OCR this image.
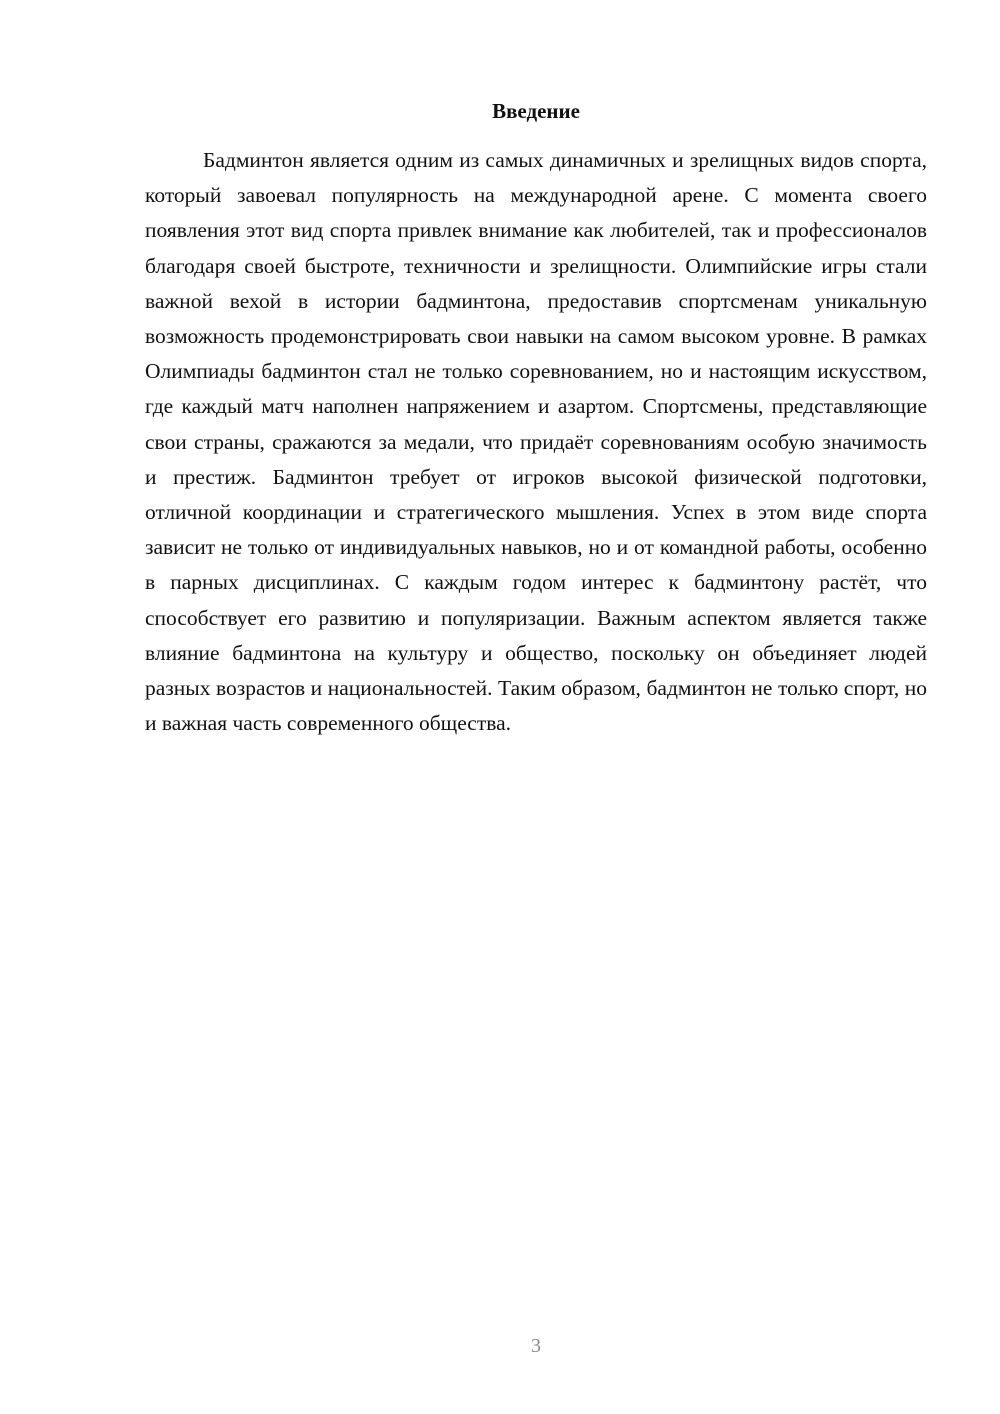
Введение

Бадминтон является одним из самых динамичных и зрелищных видов спорта, который завоевал популярность на международной арене. С момента своего появления этот вид спорта привлек внимание как любителей, так и профессионалов благодаря своей быстроте, техничности и зрелищности. Олимпийские игры стали важной вехой в истории бадминтона, предоставив спортсменам уникальную возможность продемонстрировать свои навыки на самом высоком уровне. В рамках Олимпиады бадминтон стал не только соревнованием, но и настоящим искусством, где каждый матч наполнен напряжением и азартом. Спортсмены, представляющие свои страны, сражаются за медали, что придаёт соревнованиям особую значимость и престиж. Бадминтон требует от игроков высокой физической подготовки, отличной координации и стратегического мышления. Успех в этом виде спорта зависит не только от индивидуальных навыков, но и от командной работы, особенно в парных дисциплинах. С каждым годом интерес к бадминтону растёт, что способствует его развитию и популяризации. Важным аспектом является также влияние бадминтона на культуру и общество, поскольку он объединяет людей разных возрастов и национальностей. Таким образом, бадминтон не только спорт, но и важная часть современного общества.

3
